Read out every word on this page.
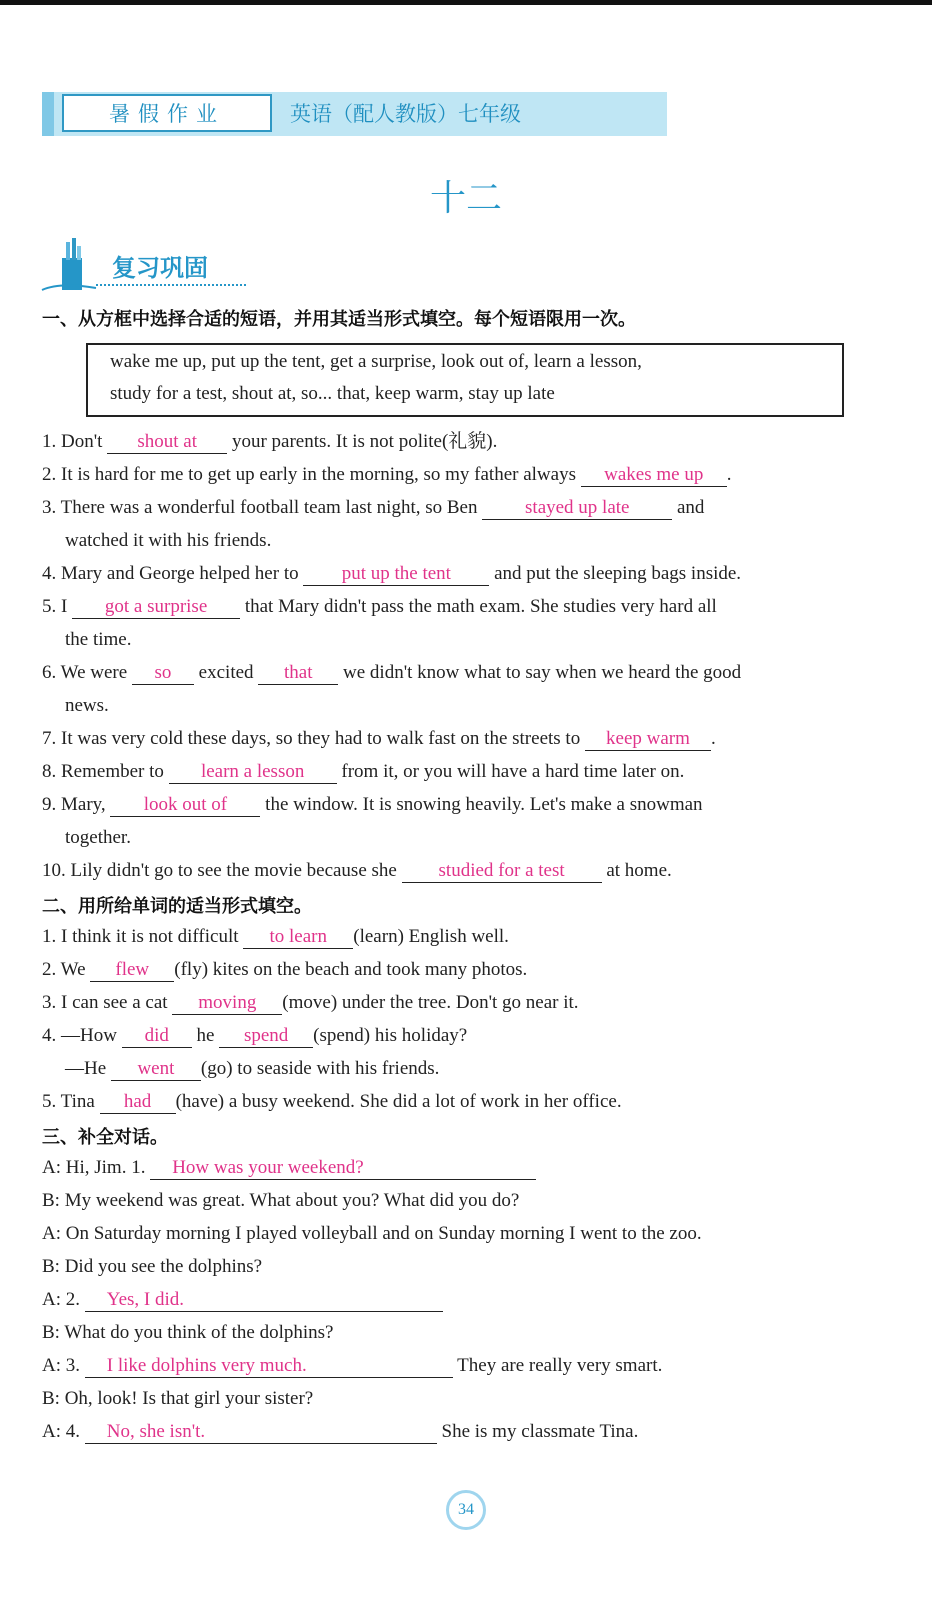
暑假作业	英语（配人教版）七年级
十二
复习巩固
一、从方框中选择合适的短语，并用其适当形式填空。每个短语限用一次。
wake me up, put up the tent, get a surprise, look out of, learn a lesson,
study for a test, shout at, so... that, keep warm, stay up late
1. Don't shout at your parents. It is not polite(礼貌).
2. It is hard for me to get up early in the morning, so my father always wakes me up .
3. There was a wonderful football team last night, so Ben	stayed up late	and
watched it with his friends.
4. Mary and George helped her to put up the tent and put the sleeping bags inside.
5. I got a surprise that Mary didn't pass the math exam. She studies very hard all
the time.
6. We were so excited that we didn't know what to say when we heard the good
news.
7. It was very cold these days, so they had to walk fast on the streets to keep warm .
8. Remember to learn a lesson from it, or you will have a hard time later on.
9. Mary, look out of the window. It is snowing heavily. Let's make a snowman
together.
10. Lily didn't go to see the movie because she studied for a test at home.
二、用所给单词的适当形式填空。
1. I think it is not difficult to learn (learn) English well.
2. We flew (fly) kites on the beach and took many photos.
3. I can see a cat moving (move) under the tree. Don't go near it.
4. —How did he spend (spend) his holiday?
—He went (go) to seaside with his friends.
5. Tina had (have) a busy weekend. She did a lot of work in her office.
三、补全对话。
A: Hi, Jim. 1. How was your weekend?
B: My weekend was great. What about you? What did you do?
A: On Saturday morning I played volleyball and on Sunday morning I went to the zoo.
B: Did you see the dolphins?
A: 2. Yes, I did.
B: What do you think of the dolphins?
A: 3. I like dolphins very much.	They are really very smart.
B: Oh, look! Is that girl your sister?
A: 4. No, she isn't.	She is my classmate Tina.
34
